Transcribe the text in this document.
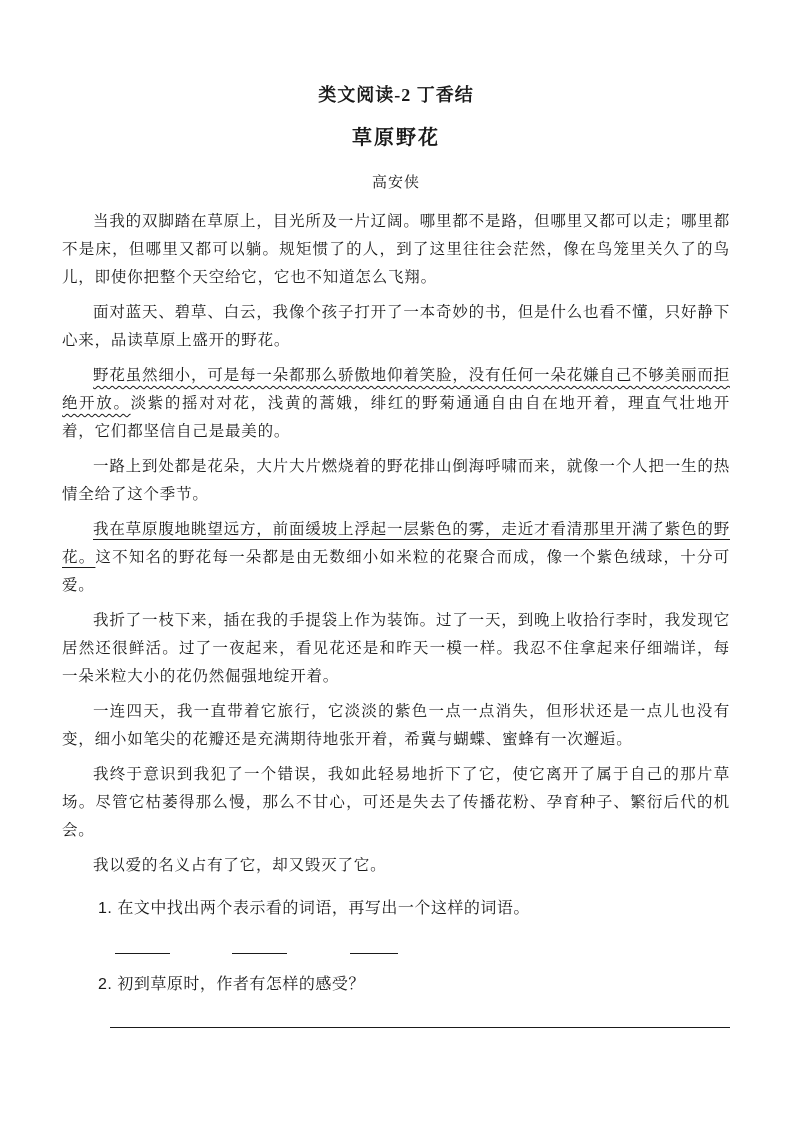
类文阅读-2 丁香结
草原野花
高安侠

当我的双脚踏在草原上，目光所及一片辽阔。哪里都不是路，但哪里又都可以走；哪里都不是床，但哪里又都可以躺。规矩惯了的人，到了这里往往会茫然，像在鸟笼里关久了的鸟儿，即使你把整个天空给它，它也不知道怎么飞翔。

面对蓝天、碧草、白云，我像个孩子打开了一本奇妙的书，但是什么也看不懂，只好静下心来，品读草原上盛开的野花。

野花虽然细小，可是每一朵都那么骄傲地仰着笑脸，没有任何一朵花嫌自己不够美丽而拒绝开放。淡紫的摇对对花，浅黄的蒿娥，绯红的野菊通通自由自在地开着，理直气壮地开着，它们都坚信自己是最美的。

一路上到处都是花朵，大片大片燃烧着的野花排山倒海呼啸而来，就像一个人把一生的热情全给了这个季节。

我在草原腹地眺望远方，前面缓坡上浮起一层紫色的雾，走近才看清那里开满了紫色的野花。这不知名的野花每一朵都是由无数细小如米粒的花聚合而成，像一个紫色绒球，十分可爱。

我折了一枝下来，插在我的手提袋上作为装饰。过了一天，到晚上收拾行李时，我发现它居然还很鲜活。过了一夜起来，看见花还是和昨天一模一样。我忍不住拿起来仔细端详，每一朵米粒大小的花仍然倔强地绽开着。

一连四天，我一直带着它旅行，它淡淡的紫色一点一点消失，但形状还是一点儿也没有变，细小如笔尖的花瓣还是充满期待地张开着，希冀与蝴蝶、蜜蜂有一次邂逅。

我终于意识到我犯了一个错误，我如此轻易地折下了它，使它离开了属于自己的那片草场。尽管它枯萎得那么慢，那么不甘心，可还是失去了传播花粉、孕育种子、繁衍后代的机会。

我以爱的名义占有了它，却又毁灭了它。

1. 在文中找出两个表示看的词语，再写出一个这样的词语。
2. 初到草原时，作者有怎样的感受？
